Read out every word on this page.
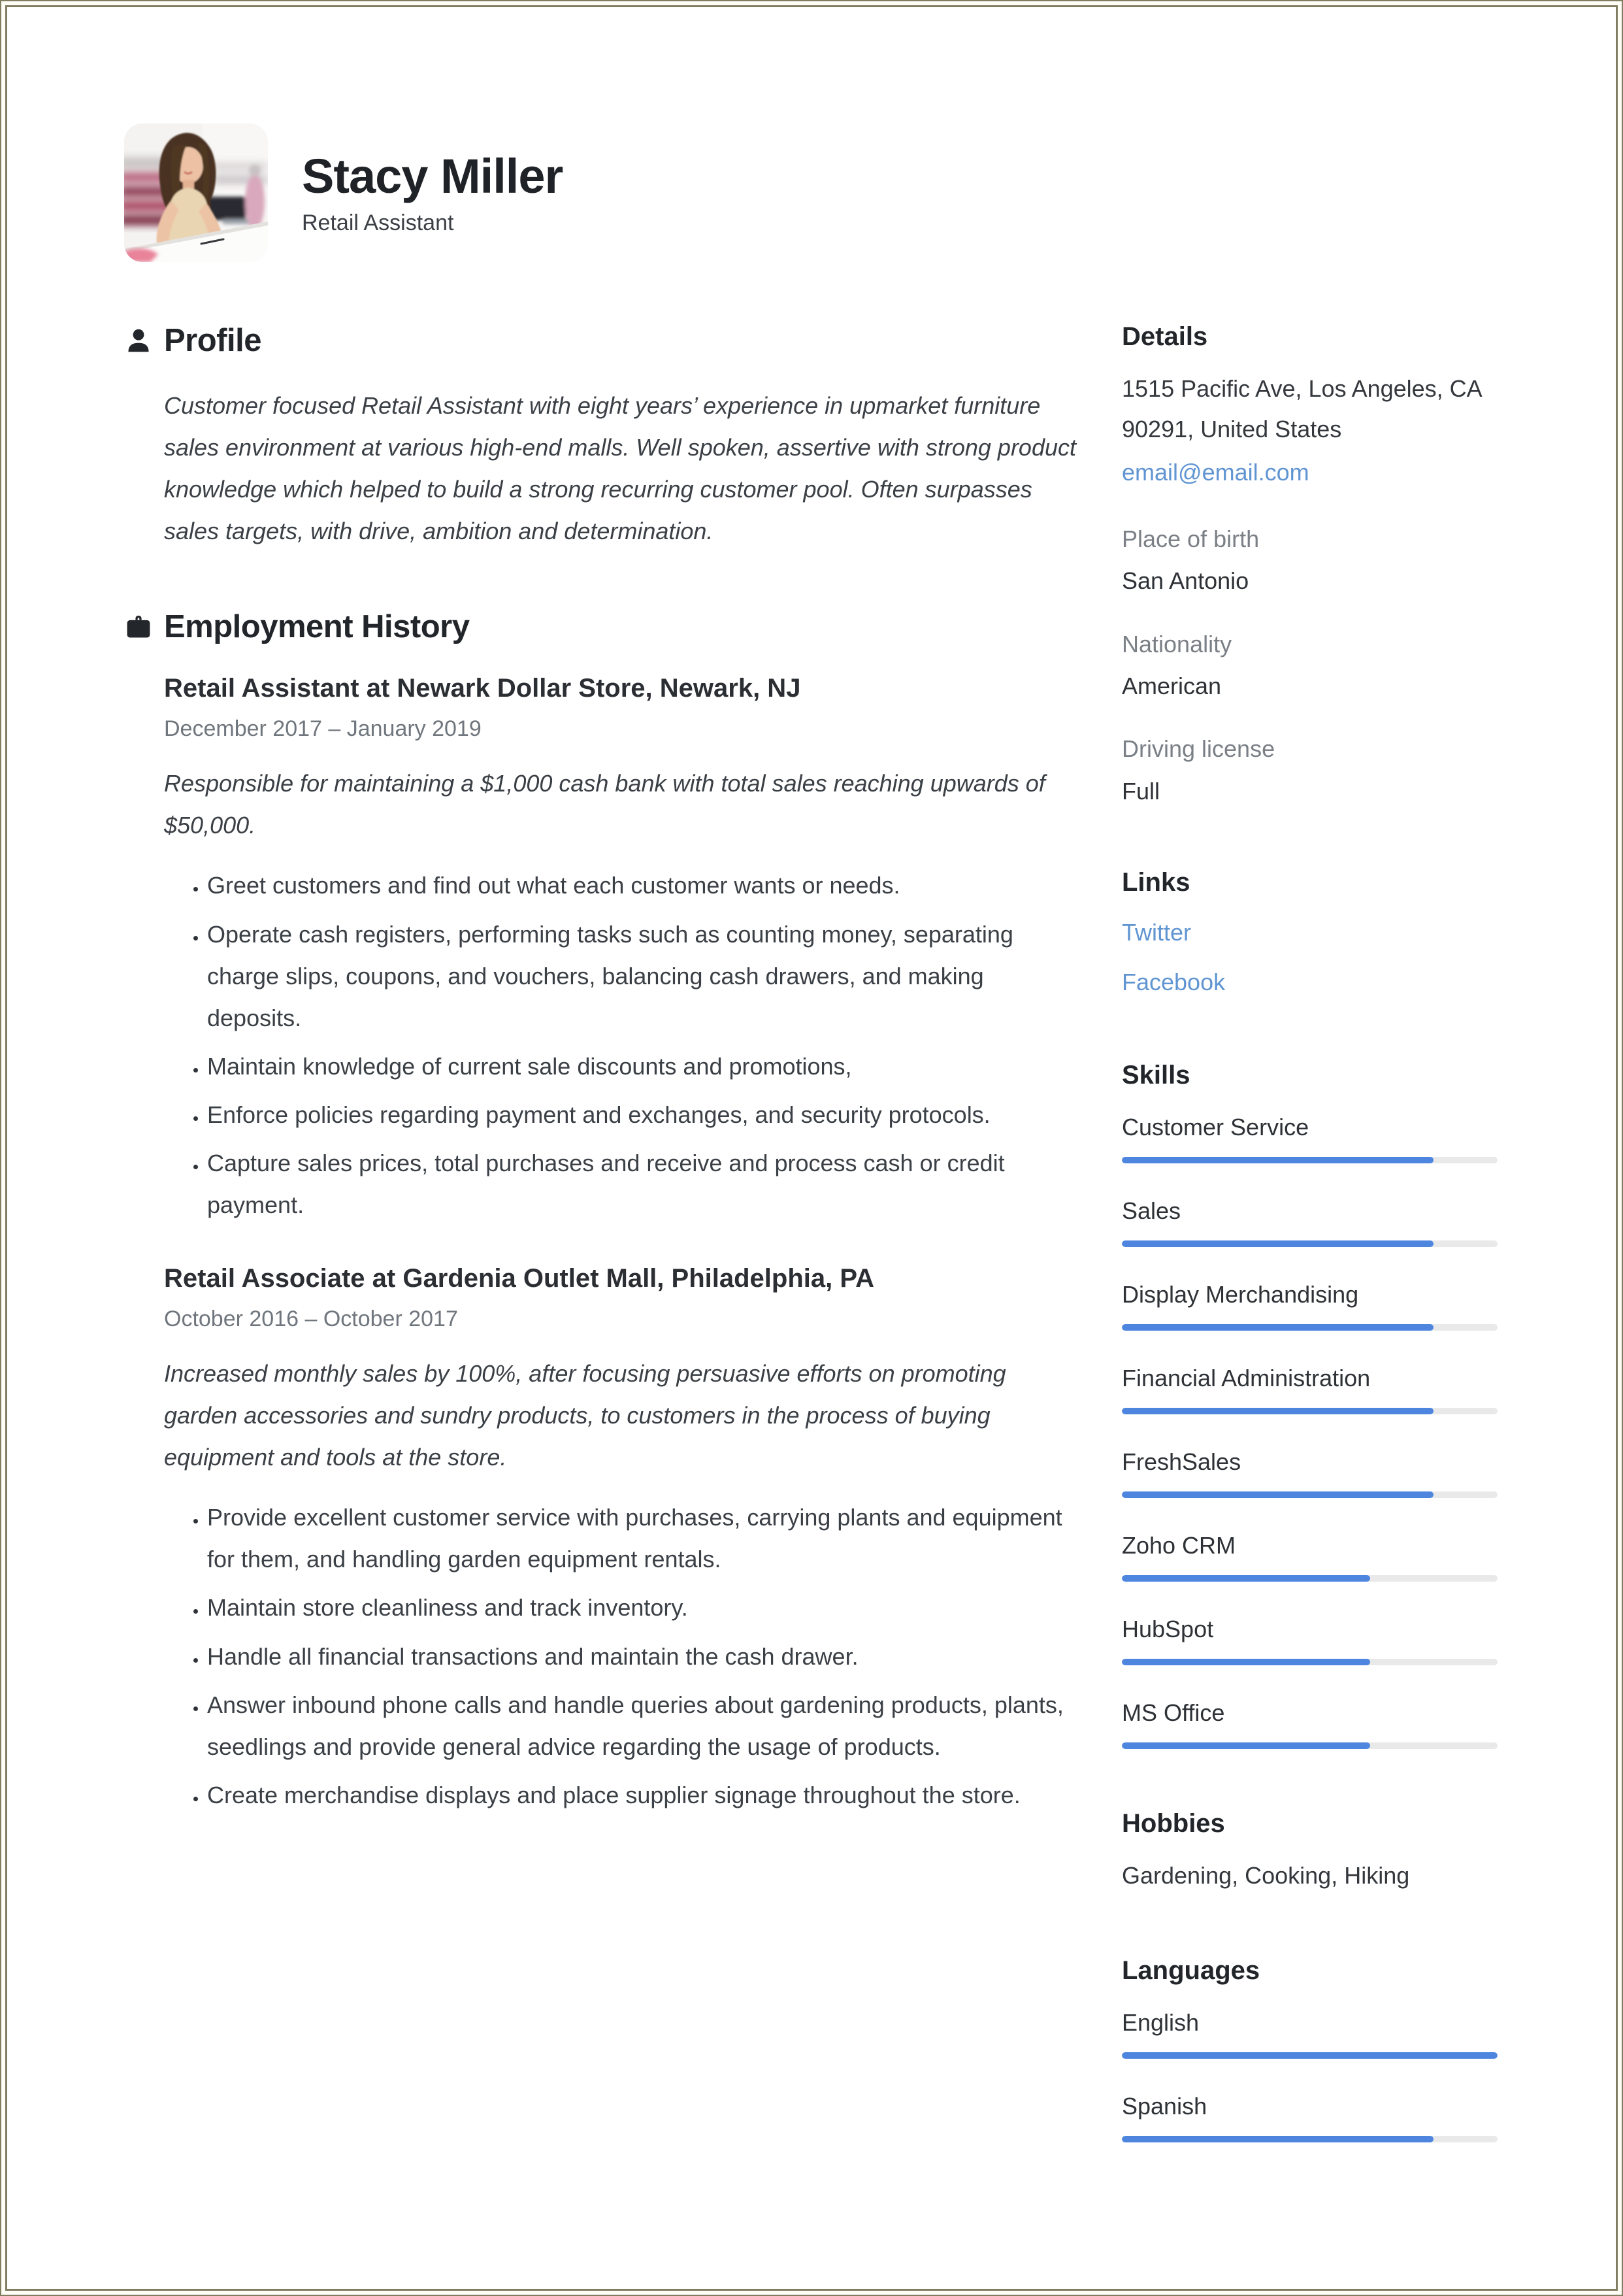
Stacy Miller
Retail Assistant
Profile

Customer focused Retail Assistant with eight years’ experience in upmarket furniture sales environment at various high-end malls. Well spoken, assertive with strong product knowledge which helped to build a strong recurring customer pool. Often surpasses sales targets, with drive, ambition and determination.

Employment History
Retail Assistant at Newark Dollar Store, Newark, NJ
December 2017 – January 2019
Responsible for maintaining a $1,000 cash bank with total sales reaching upwards of $50,000.
• Greet customers and find out what each customer wants or needs.
• Operate cash registers, performing tasks such as counting money, separating charge slips, coupons, and vouchers, balancing cash drawers, and making deposits.
• Maintain knowledge of current sale discounts and promotions,
• Enforce policies regarding payment and exchanges, and security protocols.
• Capture sales prices, total purchases and receive and process cash or credit payment.
Retail Associate at Gardenia Outlet Mall, Philadelphia, PA
October 2016 – October 2017
Increased monthly sales by 100%, after focusing persuasive efforts on promoting garden accessories and sundry products, to customers in the process of buying equipment and tools at the store.
• Provide excellent customer service with purchases, carrying plants and equipment for them, and handling garden equipment rentals.
• Maintain store cleanliness and track inventory.
• Handle all financial transactions and maintain the cash drawer.
• Answer inbound phone calls and handle queries about gardening products, plants, seedlings and provide general advice regarding the usage of products.
• Create merchandise displays and place supplier signage throughout the store.
Details
1515 Pacific Ave, Los Angeles, CA 90291, United States
email@email.com
Place of birth
San Antonio
Nationality
American
Driving license
Full
Links
Twitter
Facebook
Skills
Customer Service
Sales
Display Merchandising
Financial Administration
FreshSales
Zoho CRM
HubSpot
MS Office
Hobbies
Gardening, Cooking, Hiking
Languages
English
Spanish
